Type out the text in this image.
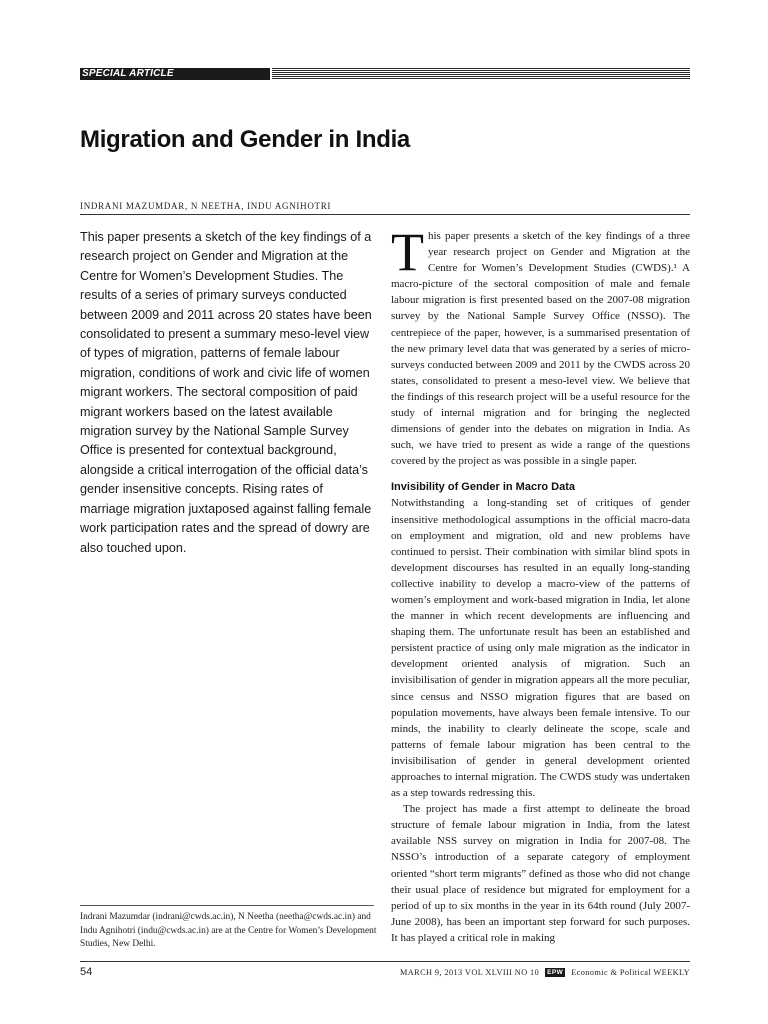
SPECIAL ARTICLE
Migration and Gender in India
INDRANI MAZUMDAR, N NEETHA, INDU AGNIHOTRI

This paper presents a sketch of the key findings of a research project on Gender and Migration at the Centre for Women’s Development Studies. The results of a series of primary surveys conducted between 2009 and 2011 across 20 states have been consolidated to present a summary meso-level view of types of migration, patterns of female labour migration, conditions of work and civic life of women migrant workers. The sectoral composition of paid migrant workers based on the latest available migration survey by the National Sample Survey Office is presented for contextual background, alongside a critical interrogation of the official data’s gender insensitive concepts. Rising rates of marriage migration juxtaposed against falling female work participation rates and the spread of dowry are also touched upon.

Indrani Mazumdar (indrani@cwds.ac.in), N Neetha (neetha@cwds.ac.in) and Indu Agnihotri (indu@cwds.ac.in) are at the Centre for Women’s Development Studies, New Delhi.

This paper presents a sketch of the key findings of a three year research project on Gender and Migration at the Centre for Women’s Development Studies (CWDS).¹ A macro-picture of the sectoral composition of male and female labour migration is first presented based on the 2007-08 migration survey by the National Sample Survey Office (NSSO). The centrepiece of the paper, however, is a summarised presentation of the new primary level data that was generated by a series of micro-surveys conducted between 2009 and 2011 by the CWDS across 20 states, consolidated to present a meso-level view. We believe that the findings of this research project will be a useful resource for the study of internal migration and for bringing the neglected dimensions of gender into the debates on migration in India. As such, we have tried to present as wide a range of the questions covered by the project as was possible in a single paper.

Invisibility of Gender in Macro Data

Notwithstanding a long-standing set of critiques of gender insensitive methodological assumptions in the official macro-data on employment and migration, old and new problems have continued to persist. Their combination with similar blind spots in development discourses has resulted in an equally long-standing collective inability to develop a macro-view of the patterns of women’s employment and work-based migration in India, let alone the manner in which recent developments are influencing and shaping them. The unfortunate result has been an established and persistent practice of using only male migration as the indicator in development oriented analysis of migration. Such an invisibilisation of gender in migration appears all the more peculiar, since census and NSSO migration figures that are based on population movements, have always been female intensive. To our minds, the inability to clearly delineate the scope, scale and patterns of female labour migration has been central to the invisibilisation of gender in general development oriented approaches to internal migration. The CWDS study was undertaken as a step towards redressing this.

The project has made a first attempt to delineate the broad structure of female labour migration in India, from the latest available NSS survey on migration in India for 2007-08. The NSSO’s introduction of a separate category of employment oriented “short term migrants” defined as those who did not change their usual place of residence but migrated for employment for a period of up to six months in the year in its 64th round (July 2007-June 2008), has been an important step forward for such purposes. It has played a critical role in making

54	MARCH 9, 2013 VOL XLVIII NO 10	EPW Economic & Political WEEKLY
